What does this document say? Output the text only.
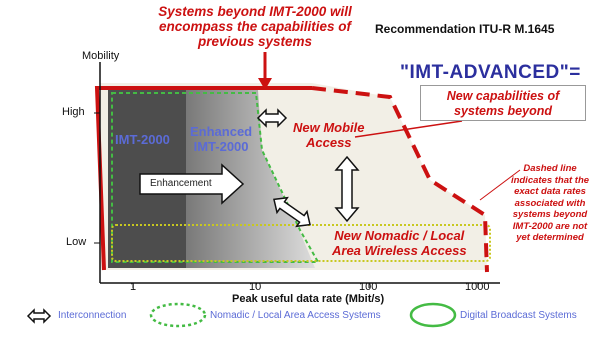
Systems beyond IMT-2000 will encompass the capabilities of previous systems
Recommendation ITU-R M.1645
Mobility
High
Low
1	10	100	1000
Peak useful data rate (Mbit/s)
"IMT-ADVANCED"=
New capabilities of systems beyond
Dashed line indicates that the exact data rates associated with systems beyond IMT-2000 are not yet determined
IMT-2000
Enhanced
IMT-2000
New Mobile
Access
New Nomadic / Local
Area Wireless Access
Enhancement
Interconnection	Nomadic / Local Area Access Systems	Digital Broadcast Systems
